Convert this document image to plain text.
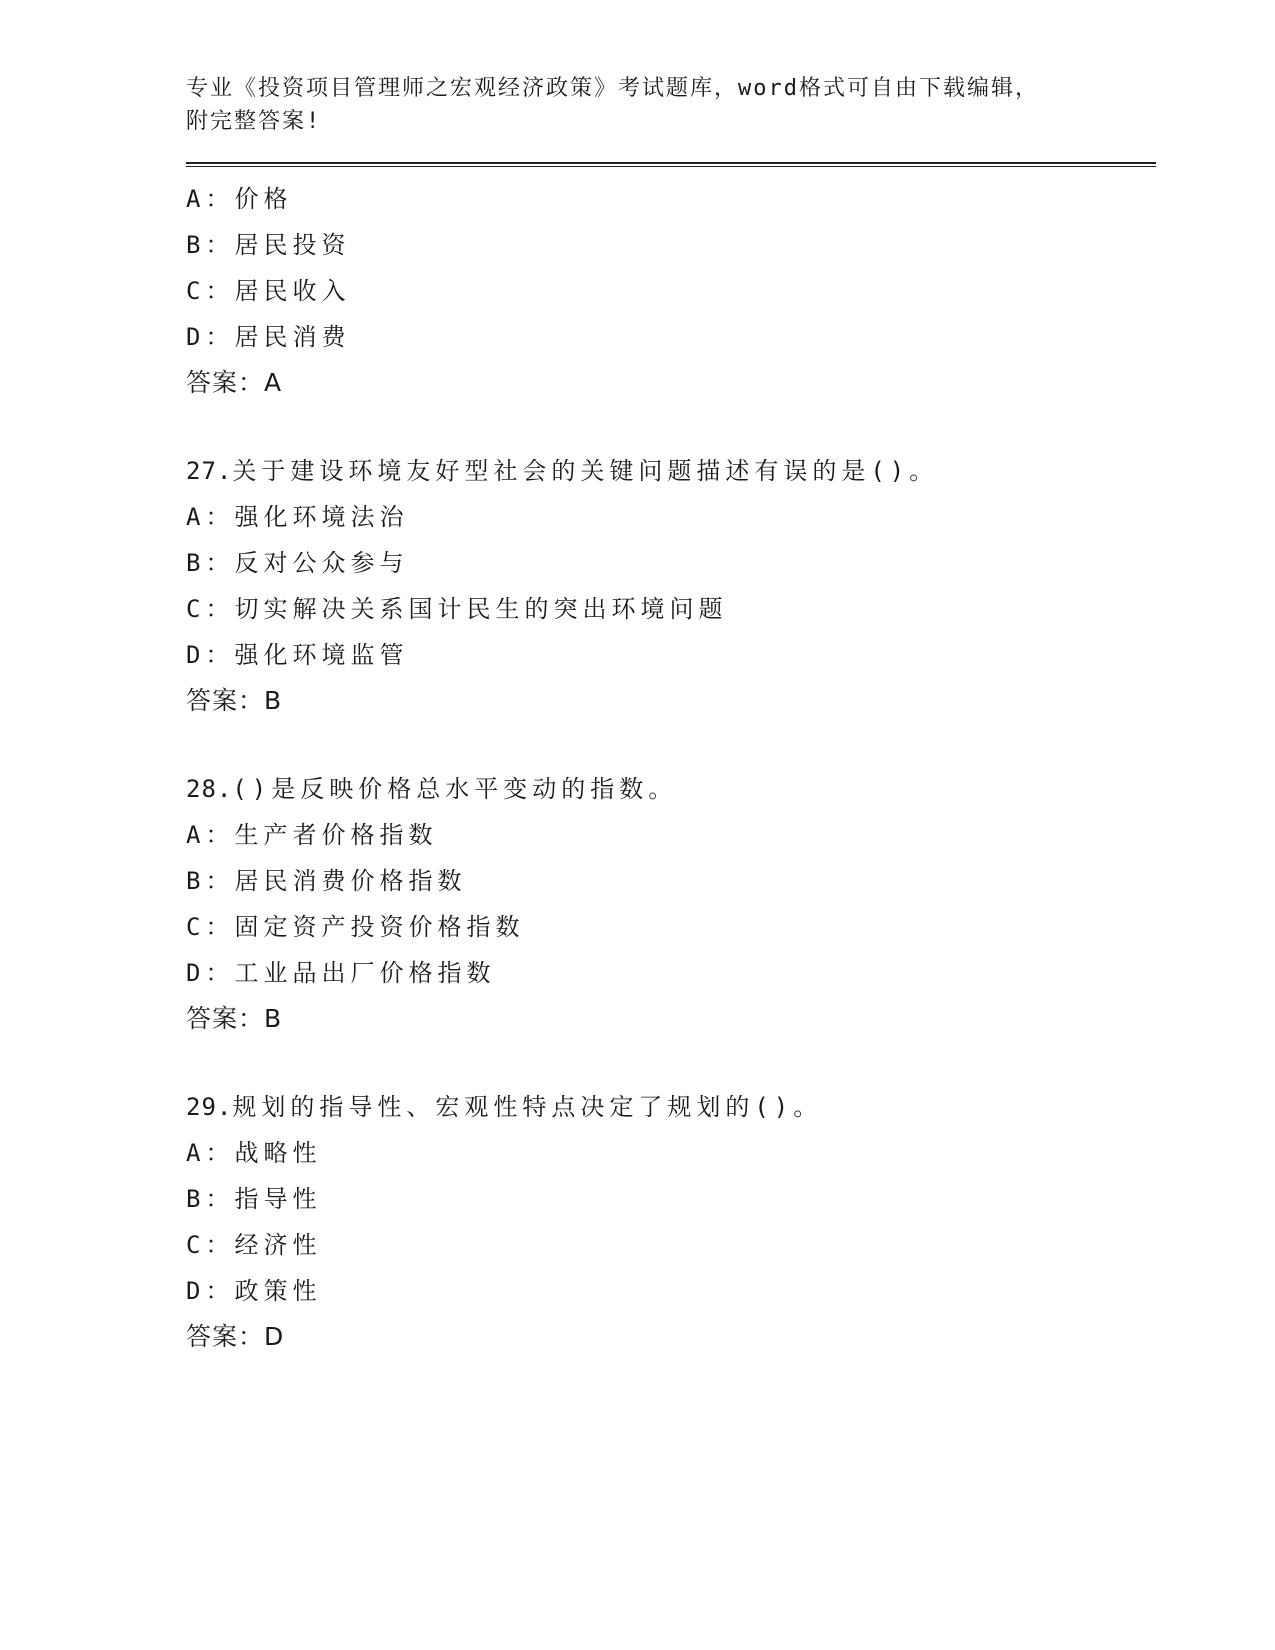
专业《投资项目管理师之宏观经济政策》考试题库，word格式可自由下载编辑，
附完整答案!
A：价格
B：居民投资
C：居民收入
D：居民消费
答案：A
27.关于建设环境友好型社会的关键问题描述有误的是()。
A：强化环境法治
B：反对公众参与
C：切实解决关系国计民生的突出环境问题
D：强化环境监管
答案：B
28.()是反映价格总水平变动的指数。
A：生产者价格指数
B：居民消费价格指数
C：固定资产投资价格指数
D：工业品出厂价格指数
答案：B
29.规划的指导性、宏观性特点决定了规划的()。
A：战略性
B：指导性
C：经济性
D：政策性
答案：D
